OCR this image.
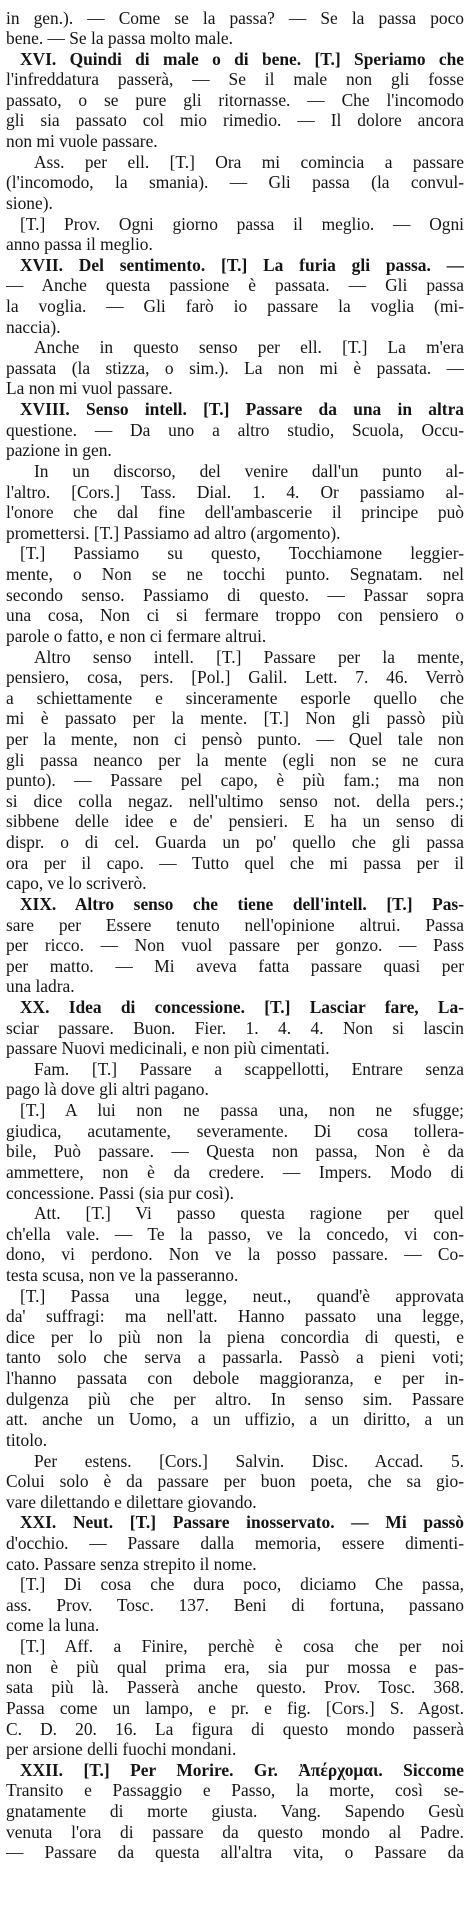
in gen.). — Come se la passa? — Se la passa poco
bene. — Se la passa molto male.
XVI. Quindi di male o di bene. [T.] Speriamo che
l'infreddatura passerà, — Se il male non gli fosse
passato, o se pure gli ritornasse. — Che l'incomodo
gli sia passato col mio rimedio. — Il dolore ancora
non mi vuole passare.
Ass. per ell. [T.] Ora mi comincia a passare
(l'incomodo, la smania). — Gli passa (la convul-
sione).
[T.] Prov. Ogni giorno passa il meglio. — Ogni
anno passa il meglio.
XVII. Del sentimento. [T.] La furia gli passa. —
— Anche questa passione è passata. — Gli passa
la voglia. — Gli farò io passare la voglia (mi-
naccia).
Anche in questo senso per ell. [T.] La m'era
passata (la stizza, o sim.). La non mi è passata. —
La non mi vuol passare.
XVIII. Senso intell. [T.] Passare da una in altra
questione. — Da uno a altro studio, Scuola, Occu-
pazione in gen.
In un discorso, del venire dall'un punto al-
l'altro. [Cors.] Tass. Dial. 1. 4. Or passiamo al-
l'onore che dal fine dell'ambascerie il principe può
promettersi. [T.] Passiamo ad altro (argomento).
[T.] Passiamo su questo, Tocchiamone leggier-
mente, o Non se ne tocchi punto. Segnatam. nel
secondo senso. Passiamo di questo. — Passar sopra
una cosa, Non ci si fermare troppo con pensiero o
parole o fatto, e non ci fermare altrui.
Altro senso intell. [T.] Passare per la mente,
pensiero, cosa, pers. [Pol.] Galil. Lett. 7. 46. Verrò
a schiettamente e sinceramente esporle quello che
mi è passato per la mente. [T.] Non gli passò più
per la mente, non ci pensò punto. — Quel tale non
gli passa neanco per la mente (egli non se ne cura
punto). — Passare pel capo, è più fam.; ma non
si dice colla negaz. nell'ultimo senso not. della pers.;
sibbene delle idee e de' pensieri. E ha un senso di
dispr. o di cel. Guarda un po' quello che gli passa
ora per il capo. — Tutto quel che mi passa per il
capo, ve lo scriverò.
XIX. Altro senso che tiene dell'intell. [T.] Pas-
sare per Essere tenuto nell'opinione altrui. Passa
per ricco. — Non vuol passare per gonzo. — Pass
per matto. — Mi aveva fatta passare quasi per
una ladra.
XX. Idea di concessione. [T.] Lasciar fare, La-
sciar passare. Buon. Fier. 1. 4. 4. Non si lascin
passare Nuovi medicinali, e non più cimentati.
Fam. [T.] Passare a scappellotti, Entrare senza
pago là dove gli altri pagano.
[T.] A lui non ne passa una, non ne sfugge;
giudica, acutamente, severamente. Di cosa tollera-
bile, Può passare. — Questa non passa, Non è da
ammettere, non è da credere. — Impers. Modo di
concessione. Passi (sia pur così).
Att. [T.] Vi passo questa ragione per quel
ch'ella vale. — Te la passo, ve la concedo, vi con-
dono, vi perdono. Non ve la posso passare. — Co-
testa scusa, non ve la passeranno.
[T.] Passa una legge, neut., quand'è approvata
da' suffragi: ma nell'att. Hanno passato una legge,
dice per lo più non la piena concordia di questi, e
tanto solo che serva a passarla. Passò a pieni voti;
l'hanno passata con debole maggioranza, e per in-
dulgenza più che per altro. In senso sim. Passare
att. anche un Uomo, a un uffizio, a un diritto, a un
titolo.
Per estens. [Cors.] Salvin. Disc. Accad. 5.
Colui solo è da passare per buon poeta, che sa gio-
vare dilettando e dilettare giovando.
XXI. Neut. [T.] Passare inosservato. — Mi passò
d'occhio. — Passare dalla memoria, essere dimenti-
cato. Passare senza strepito il nome.
[T.] Di cosa che dura poco, diciamo Che passa,
ass. Prov. Tosc. 137. Beni di fortuna, passano
come la luna.
[T.] Aff. a Finire, perchè è cosa che per noi
non è più qual prima era, sia pur mossa e pas-
sata più là. Passerà anche questo. Prov. Tosc. 368.
Passa come un lampo, e pr. e fig. [Cors.] S. Agost.
C. D. 20. 16. La figura di questo mondo passerà
per arsione delli fuochi mondani.
XXII. [T.] Per Morire. Gr. Ἀπέρχομαι. Siccome
Transito e Passaggio e Passo, la morte, così se-
gnatamente di morte giusta. Vang. Sapendo Gesù
venuta l'ora di passare da questo mondo al Padre.
— Passare da questa all'altra vita, o Passare da
